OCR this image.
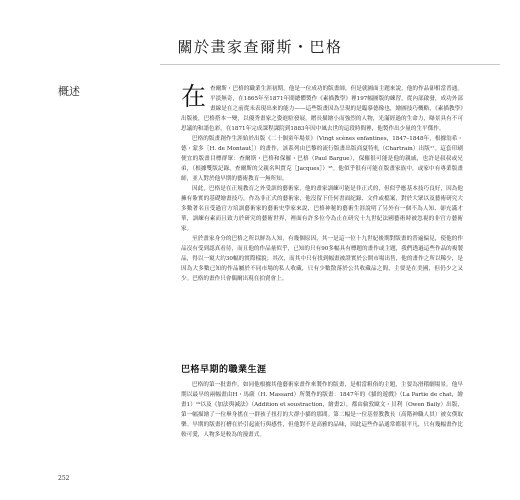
關於畫家查爾斯・巴格
概述	在查爾斯・巴格的職業生涯初期，他是一位成功的版畫師，但是就圖面主題來說，他的作品卻相當普通。平淡無奇，在1865年至1871年間總體製作《素描教學》裡197幅圖版的練習，從內部啟發，成功外部畫線是在之前從未表現出來的能力——這些版畫因為呈現的是臨摹德像也，繪圖技巧概略，《素描教學》出版後，巴格搭本一變，以優秀畫家之姿進駐發展，贈長描繪小而強烈的人物，光滿經過的生命力，曝景具有不可思議的和諧色彩，在1871年完成課程課院到1883年因中風去世的這段時間裡，他製作出少量的生平傑作。

巴格的版畫創作生涯始於出版《二十個童年場景》（Vingt scènes enfantines，1847–1848年，根據翁希・德・蒙多［H. de Montaut］）的畫作，該系列由巴黎的流行版畫出版商夏特札（Chartrain）出版¹⁷。這套印刷便宜的版畫目標群眾：查爾斯・巴格和保羅・巴格（Paul Bargue），保羅很可能是他的親戚，也許是叔叔或兄弟，（根據雙版記錄，查爾斯的父親名叫賈克［Jacques］）¹⁸。他似乎很有可能在版畫家族中，或家中有專業版畫師，並人對於他早期的藝術教育一無所知。

因此，巴格是在正規教育之外受訓的藝術家，他的畫家訓練可能是非正式的，但似乎應基本技巧良好，因為他擁有紮實的基礎繪畫技巧，作為非正式的藝術家，他沒留下任何書面紀錄、文件或檔案，對於大眾以及藝術研究大多數著名且受過官方培訓藝術家的藝術史學家來說，巴格神秘的藝術生涯說明了另外有一個不為人知、卻充滿才華，訓練有素而且致力於研究的藝術世界，裡面有許多位今為止在研究十九世紀法國藝術時被忽視的非官方藝術家。

至於畫家身分的巴格之所以鮮為人知，有幾個原因，其一是這一位十九世紀後期對版畫的普遍偏見，使他的作品沒有受到認真看待，而且他的作品量似乎，已知的只有90多幅具有標題的畫作或主題，我們透過這些作品的複製品，得以一窺大約30幅的實際樣貌；其次，而其中只有找到幅畫被證實於公開市場出售，他的畫作之所以稀少，是因為大多數已知的作品屬於不同市場的私人收藏，只有少數散落於公共收藏品之間，主要是在美國，但仍少之又少。巴格的畫作只會偶爾出現在拍賣會上。

巴格早期的職業生涯

巴格的第一批畫作，如同他根據其他藝術家畫作來製作的版畫，是相當粗俗的主題，主要為滑稽劇場景。他早期以最早的兩幅畫由H・馬薩（H. Massard）所製作的版畫：1847年的《貓的遊戲》（La Partie de chat，繪畫1）¹⁹以及《加法與減法》（Addition et soustraction，繪畫2），都由倫敦歐文・貝利（Owen Baily）出版，第一幅描繪了一位畢身搖在一群孩子扭打的大群小貓的那間。第二幅是一位基督教教長（高階神職人員）被女僕取樂。早期的版畫打槽在於引起流行與感性，但他對不是高雅的品味，因此這些作品通常都很平凡，只有幾幅畫作比較可愛，人物多是較為的漫畫式。

252
